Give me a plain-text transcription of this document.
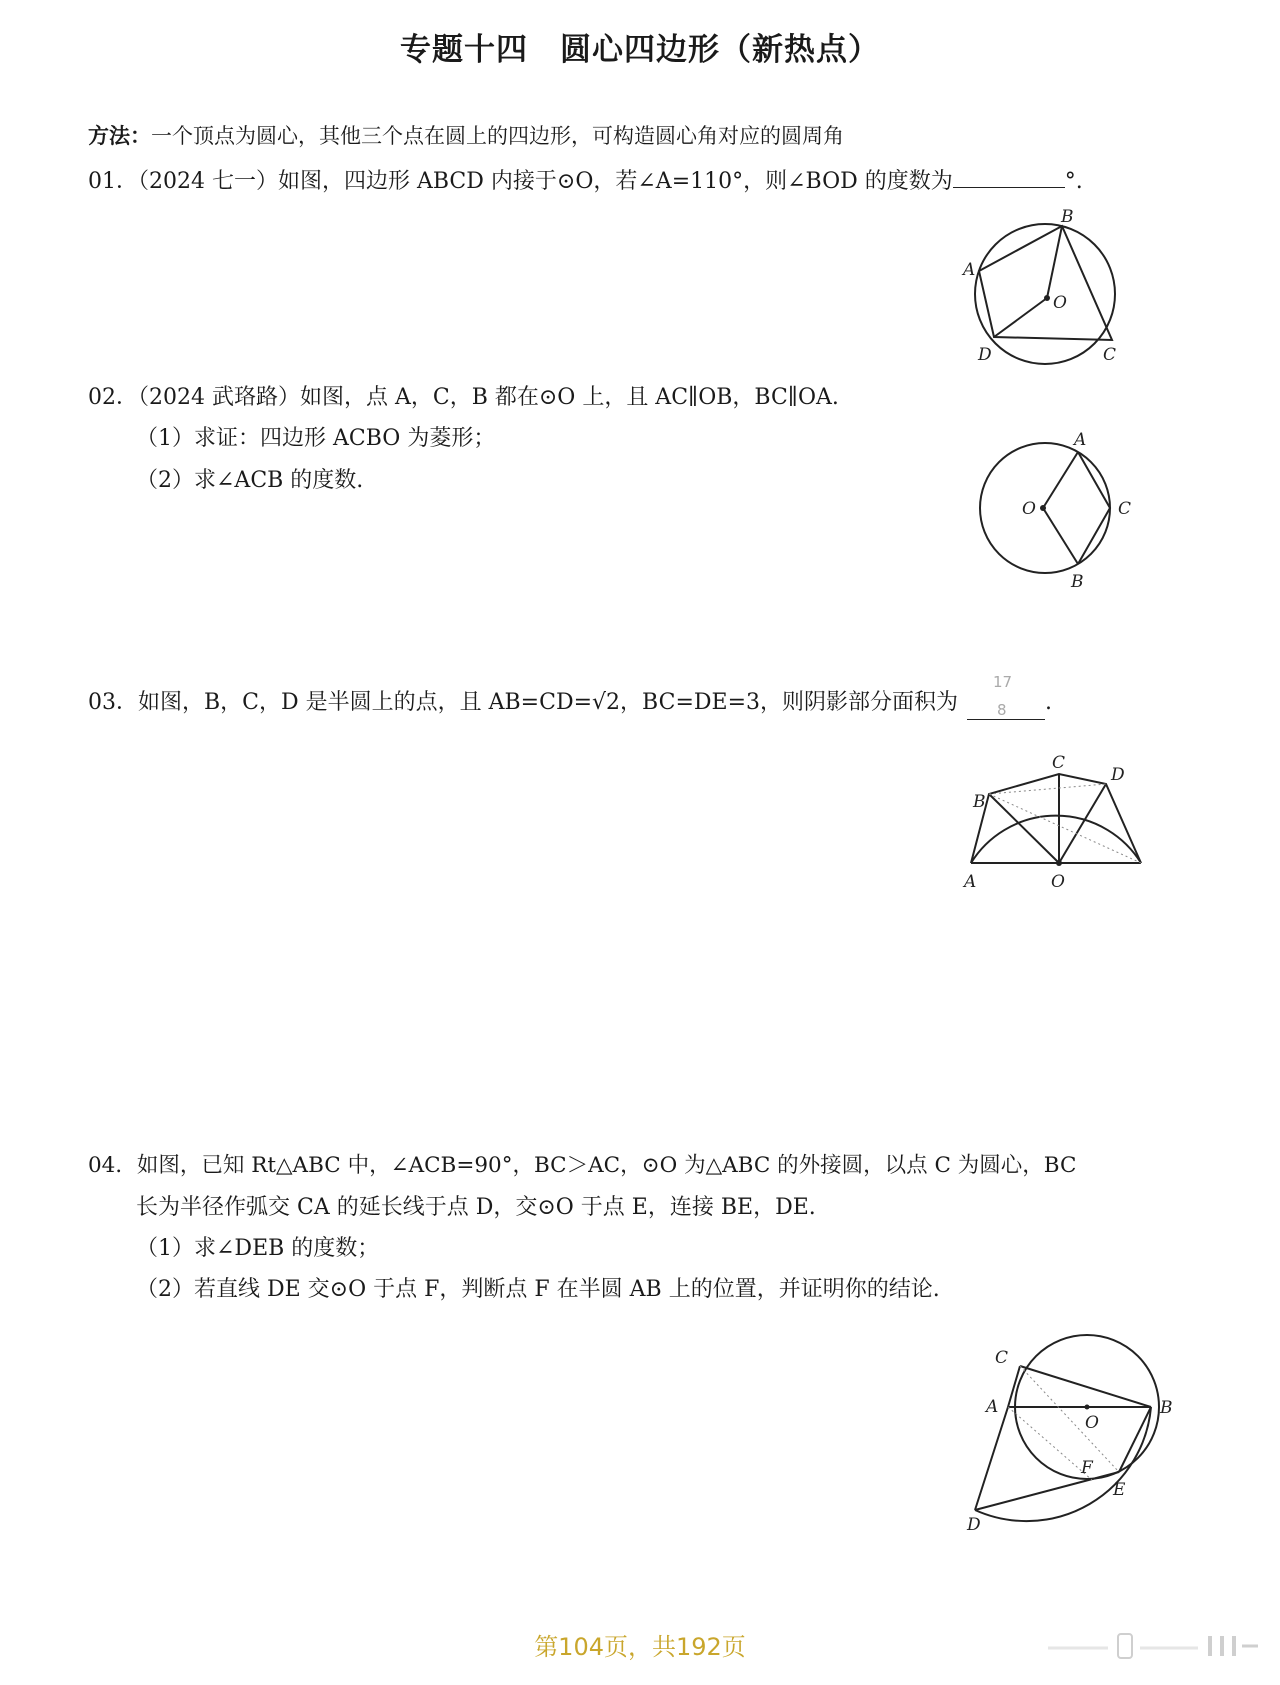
专题十四　圆心四边形（新热点）
方法：一个顶点为圆心，其他三个点在圆上的四边形，可构造圆心角对应的圆周角
01．（2024 七一）如图，四边形 ABCD 内接于⊙O，若∠A=110°，则∠BOD 的度数为	°.
B
A
O
D	C
02．（2024 武珞路）如图，点 A，C，B 都在⊙O 上，且 AC∥OB，BC∥OA.
（1）求证：四边形 ACBO 为菱形；
（2）求∠ACB 的度数.
A
O	C
B
03．如图，B，C，D 是半圆上的点，且 AB=CD=√2，BC=DE=3，则阴影部分面积为
17
8 .
C
D
B
A	O
04．如图，已知 Rt△ABC 中，∠ACB=90°，BC＞AC，⊙O 为△ABC 的外接圆，以点 C 为圆心，BC
长为半径作弧交 CA 的延长线于点 D，交⊙O 于点 E，连接 BE，DE.
（1）求∠DEB 的度数；
（2）若直线 DE 交⊙O 于点 F，判断点 F 在半圆 AB 上的位置，并证明你的结论.
C
A
O
B
F
E
D
第104页，共192页
